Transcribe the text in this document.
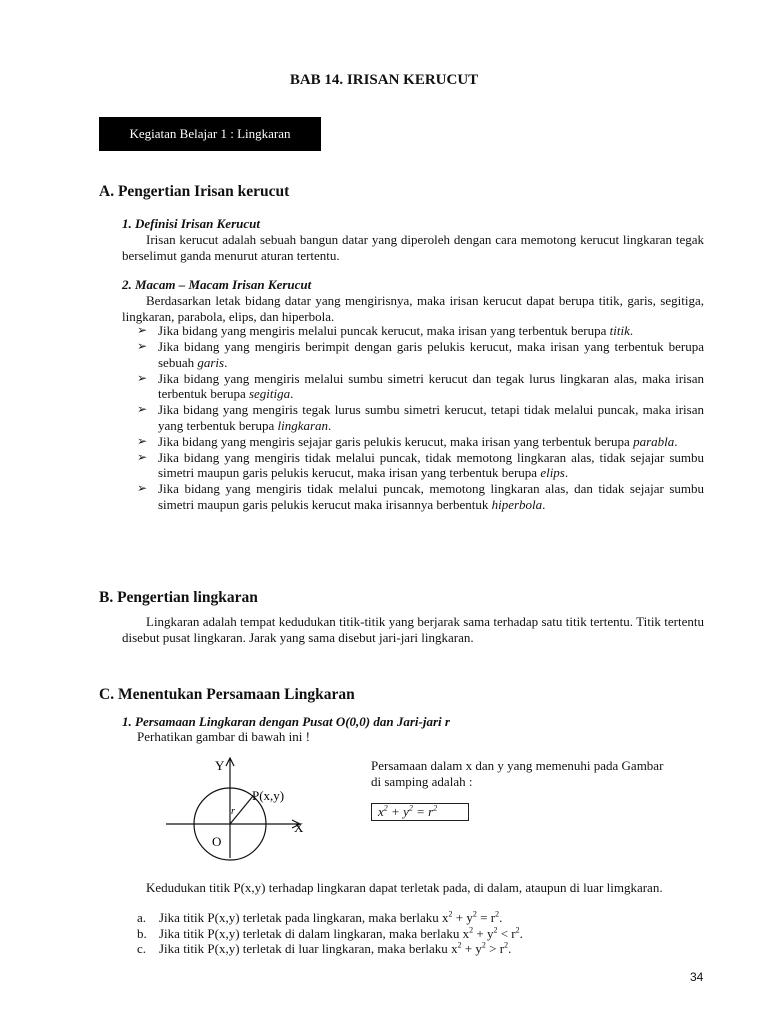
BAB 14. IRISAN KERUCUT
Kegiatan Belajar 1 : Lingkaran
A. Pengertian Irisan kerucut
1. Definisi Irisan Kerucut

Irisan kerucut adalah sebuah bangun datar yang diperoleh dengan cara memotong kerucut lingkaran tegak berselimut ganda menurut aturan tertentu.

2. Macam – Macam Irisan Kerucut

Berdasarkan letak bidang datar yang mengirisnya, maka irisan kerucut dapat berupa titik, garis, segitiga, lingkaran, parabola, elips, dan hiperbola.

➢ Jika bidang yang mengiris melalui puncak kerucut, maka irisan yang terbentuk berupa titik.
➢ Jika bidang yang mengiris berimpit dengan garis pelukis kerucut, maka irisan yang terbentuk berupa sebuah garis.
➢ Jika bidang yang mengiris melalui sumbu simetri kerucut dan tegak lurus lingkaran alas, maka irisan terbentuk berupa segitiga.
➢ Jika bidang yang mengiris tegak lurus sumbu simetri kerucut, tetapi tidak melalui puncak, maka irisan yang terbentuk berupa lingkaran.
➢ Jika bidang yang mengiris sejajar garis pelukis kerucut, maka irisan yang terbentuk berupa parabla.
➢ Jika bidang yang mengiris tidak melalui puncak, tidak memotong lingkaran alas, tidak sejajar sumbu simetri maupun garis pelukis kerucut, maka irisan yang terbentuk berupa elips.
➢ Jika bidang yang mengiris tidak melalui puncak, memotong lingkaran alas, dan tidak sejajar sumbu simetri maupun garis pelukis kerucut maka irisannya berbentuk hiperbola.
B. Pengertian lingkaran

Lingkaran adalah tempat kedudukan titik-titik yang berjarak sama terhadap satu titik tertentu. Titik tertentu disebut pusat lingkaran. Jarak yang sama disebut jari-jari lingkaran.

C. Menentukan Persamaan Lingkaran
1. Persamaan Lingkaran dengan Pusat O(0,0) dan Jari-jari r
Perhatikan gambar di bawah ini !
Y
X
P(x,y)
r
O
Persamaan dalam x dan y yang memenuhi pada Gambar di samping adalah :
$x^2 + y^2 = r^2$

Kedudukan titik P(x,y) terhadap lingkaran dapat terletak pada, di dalam, ataupun di luar limgkaran.

a. Jika titik P(x,y) terletak pada lingkaran, maka berlaku $x^2 + y^2 = r^2$.
b. Jika titik P(x,y) terletak di dalam lingkaran, maka berlaku $x^2 + y^2 < r^2$.
c. Jika titik P(x,y) terletak di luar lingkaran, maka berlaku $x^2 + y^2 > r^2$.
34
